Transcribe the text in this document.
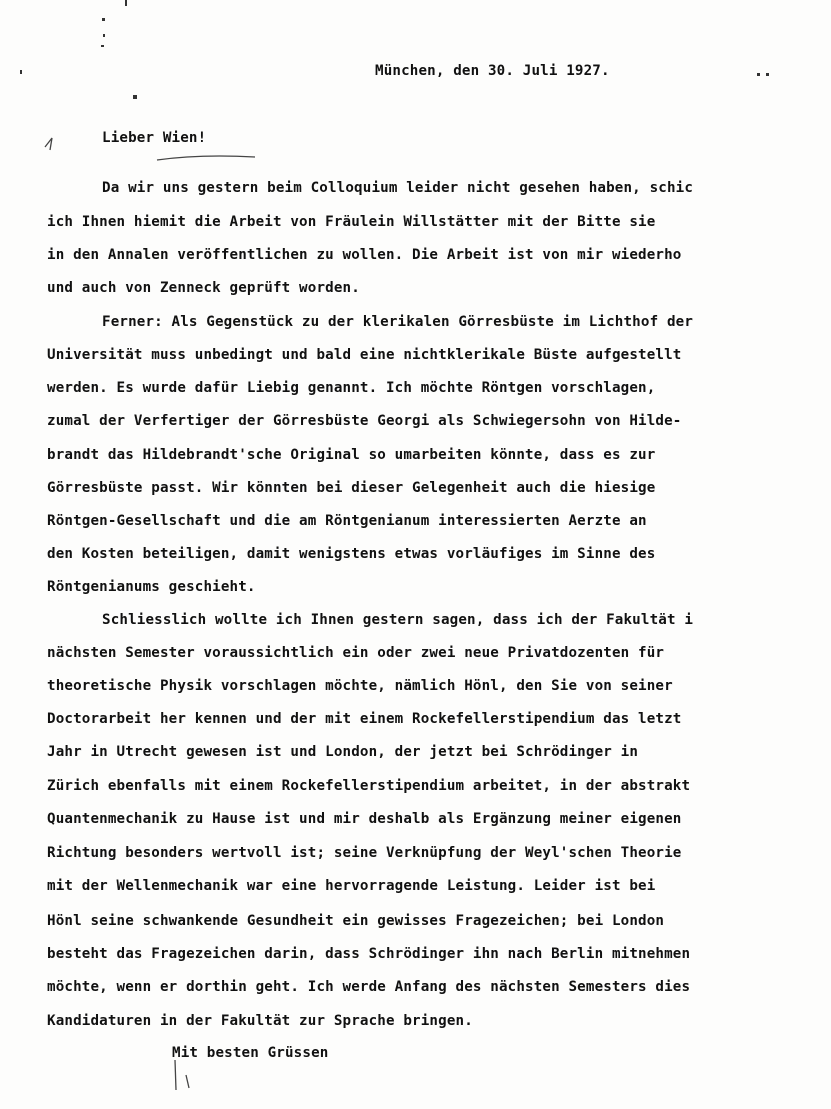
München, den 30. Juli 1927.
Lieber Wien!
Da wir uns gestern beim Colloquium leider nicht gesehen haben, schic
ich Ihnen hiemit die Arbeit von Fräulein Willstätter mit der Bitte sie
in den Annalen veröffentlichen zu wollen. Die Arbeit ist von mir wiederho
und auch von Zenneck geprüft worden.
Ferner: Als Gegenstück zu der klerikalen Görresbüste im Lichthof der
Universität muss unbedingt und bald eine nichtklerikale Büste aufgestellt
werden. Es wurde dafür Liebig genannt. Ich möchte Röntgen vorschlagen,
zumal der Verfertiger der Görresbüste Georgi als Schwiegersohn von Hilde-
brandt das Hildebrandt'sche Original so umarbeiten könnte, dass es zur
Görresbüste passt. Wir könnten bei dieser Gelegenheit auch die hiesige
Röntgen-Gesellschaft und die am Röntgenianum interessierten Aerzte an
den Kosten beteiligen, damit wenigstens etwas vorläufiges im Sinne des
Röntgenianums geschieht.
Schliesslich wollte ich Ihnen gestern sagen, dass ich der Fakultät i
nächsten Semester voraussichtlich ein oder zwei neue Privatdozenten für
theoretische Physik vorschlagen möchte, nämlich Hönl, den Sie von seiner
Doctorarbeit her kennen und der mit einem Rockefellerstipendium das letzt
Jahr in Utrecht gewesen ist und London, der jetzt bei Schrödinger in
Zürich ebenfalls mit einem Rockefellerstipendium arbeitet, in der abstrakt
Quantenmechanik zu Hause ist und mir deshalb als Ergänzung meiner eigenen
Richtung besonders wertvoll ist; seine Verknüpfung der Weyl'schen Theorie
mit der Wellenmechanik war eine hervorragende Leistung. Leider ist bei
Hönl seine schwankende Gesundheit ein gewisses Fragezeichen; bei London
besteht das Fragezeichen darin, dass Schrödinger ihn nach Berlin mitnehmen
möchte, wenn er dorthin geht. Ich werde Anfang des nächsten Semesters dies
Kandidaturen in der Fakultät zur Sprache bringen.
Mit besten Grüssen
